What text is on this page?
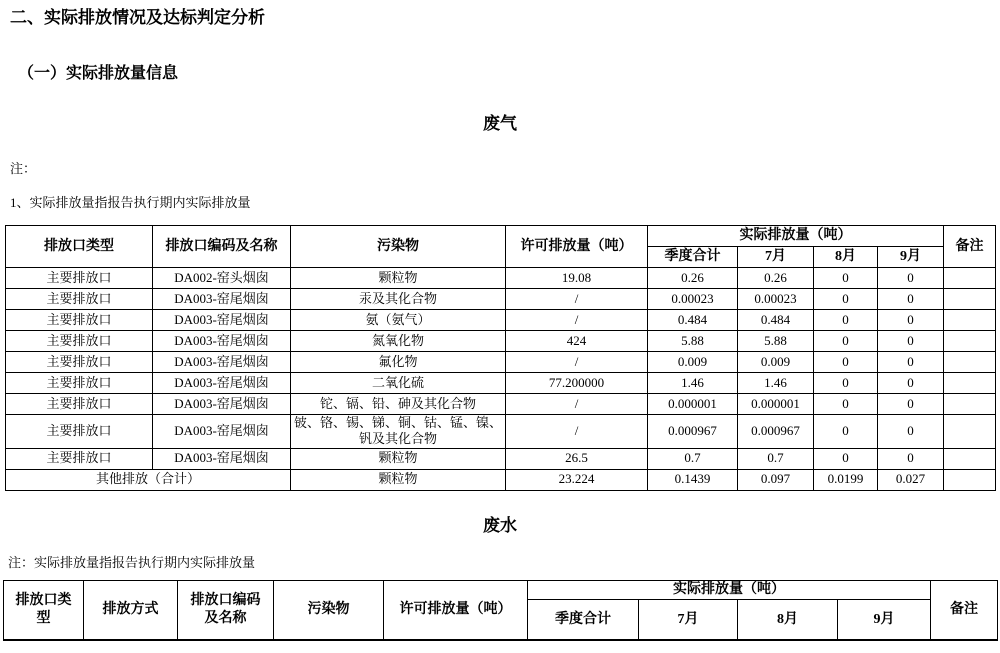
二、实际排放情况及达标判定分析
（一）实际排放量信息
废气
注：
1、实际排放量指报告执行期内实际排放量
排放口类型	排放口编码及名称	污染物	许可排放量（吨）	实际排放量（吨）				备注
				季度合计	7月	8月	9月	
主要排放口	DA002-窑头烟囱	颗粒物	19.08	0.26	0.26	0	0	
主要排放口	DA003-窑尾烟囱	汞及其化合物	/	0.00023	0.00023	0	0	
主要排放口	DA003-窑尾烟囱	氨（氨气）	/	0.484	0.484	0	0	
主要排放口	DA003-窑尾烟囱	氮氧化物	424	5.88	5.88	0	0	
主要排放口	DA003-窑尾烟囱	氟化物	/	0.009	0.009	0	0	
主要排放口	DA003-窑尾烟囱	二氧化硫	77.200000	1.46	1.46	0	0	
主要排放口	DA003-窑尾烟囱	铊、镉、铅、砷及其化合物	/	0.000001	0.000001	0	0	
主要排放口	DA003-窑尾烟囱	铍、铬、锡、锑、铜、钴、锰、镍、钒及其化合物	/	0.000967	0.000967	0	0	
主要排放口	DA003-窑尾烟囱	颗粒物	26.5	0.7	0.7	0	0	
其他排放（合计）		颗粒物	23.224	0.1439	0.097	0.0199	0.027	
废水
注：实际排放量指报告执行期内实际排放量
排放口类型	排放方式	排放口编码及名称	污染物	许可排放量（吨）	实际排放量（吨）				备注
					季度合计	7月	8月	9月	
